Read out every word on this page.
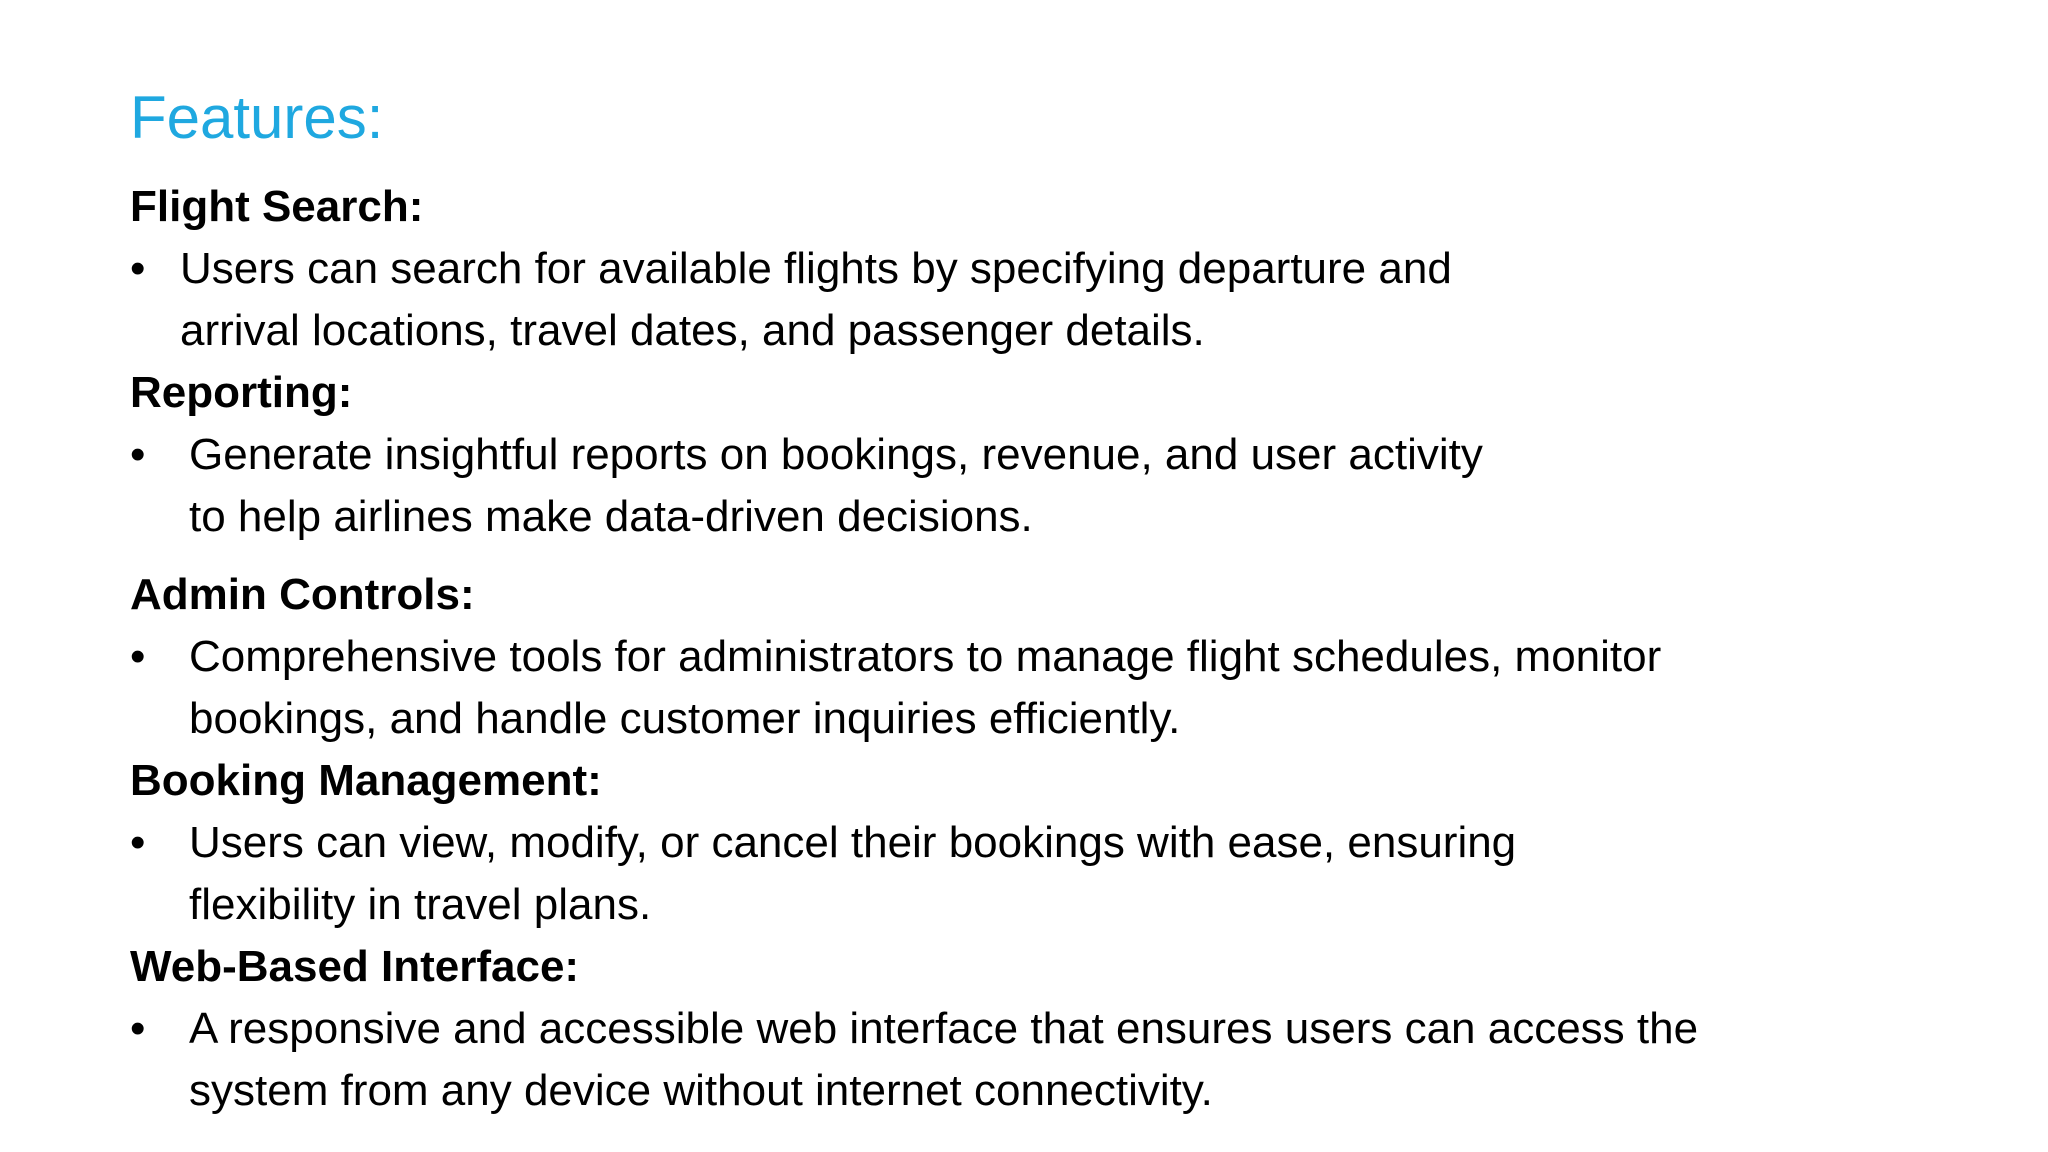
Features:
Flight Search:
• Users can search for available flights by specifying departure and
arrival locations, travel dates, and passenger details.
Reporting:
• Generate insightful reports on bookings, revenue, and user activity
to help airlines make data-driven decisions.
Admin Controls:
• Comprehensive tools for administrators to manage flight schedules, monitor
bookings, and handle customer inquiries efficiently.
Booking Management:
• Users can view, modify, or cancel their bookings with ease, ensuring
flexibility in travel plans.
Web-Based Interface:
• A responsive and accessible web interface that ensures users can access the
system from any device without internet connectivity.
